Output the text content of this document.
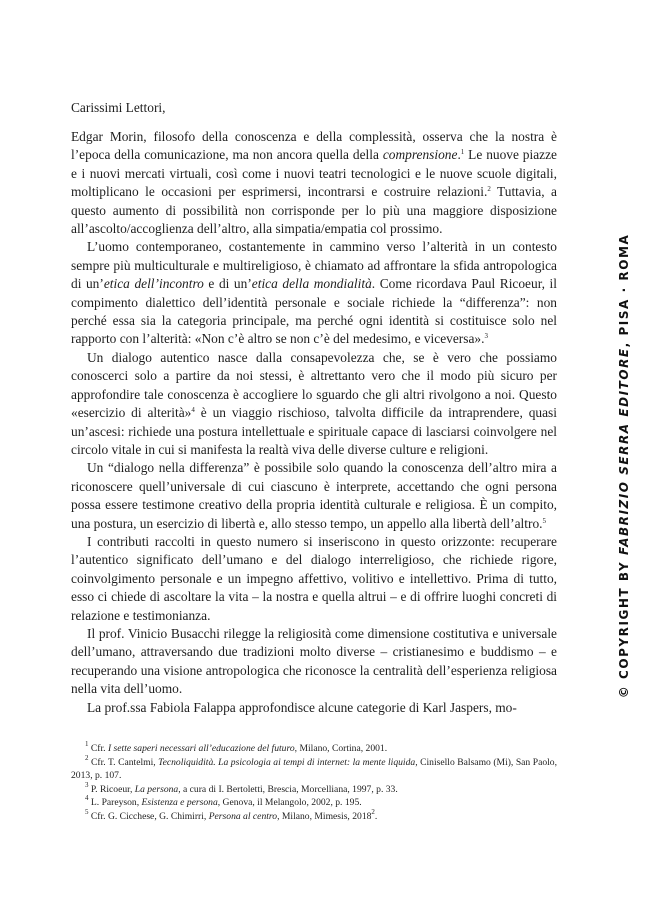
Carissimi Lettori,

Edgar Morin, filosofo della conoscenza e della complessità, osserva che la nostra è l’epoca della comunicazione, ma non ancora quella della comprensione.$^1$ Le nuove piazze e i nuovi mercati virtuali, così come i nuovi teatri tecnologici e le nuove scuole digitali, moltiplicano le occasioni per esprimersi, incontrarsi e costruire relazioni.$^2$ Tuttavia, a questo aumento di possibilità non corrisponde per lo più una maggiore disposizione all’ascolto/accoglienza dell’altro, alla simpatia/empatia col prossimo.

L’uomo contemporaneo, costantemente in cammino verso l’alterità in un contesto sempre più multiculturale e multireligioso, è chiamato ad affrontare la sfida antropologica di un’etica dell’incontro e di un’etica della mondialità. Come ricordava Paul Ricoeur, il compimento dialettico dell’identità personale e sociale richiede la “differenza”: non perché essa sia la categoria principale, ma perché ogni identità si costituisce solo nel rapporto con l’alterità: «Non c’è altro se non c’è del medesimo, e viceversa».$^3$

Un dialogo autentico nasce dalla consapevolezza che, se è vero che possiamo conoscerci solo a partire da noi stessi, è altrettanto vero che il modo più sicuro per approfondire tale conoscenza è accogliere lo sguardo che gli altri rivolgono a noi. Questo «esercizio di alterità»$^4$ è un viaggio rischioso, talvolta difficile da intraprendere, quasi un’ascesi: richiede una postura intellettuale e spirituale capace di lasciarsi coinvolgere nel circolo vitale in cui si manifesta la realtà viva delle diverse culture e religioni.

Un “dialogo nella differenza” è possibile solo quando la conoscenza dell’altro mira a riconoscere quell’universale di cui ciascuno è interprete, accettando che ogni persona possa essere testimone creativo della propria identità culturale e religiosa. È un compito, una postura, un esercizio di libertà e, allo stesso tempo, un appello alla libertà dell’altro.$^5$

I contributi raccolti in questo numero si inseriscono in questo orizzonte: recuperare l’autentico significato dell’umano e del dialogo interreligioso, che richiede rigore, coinvolgimento personale e un impegno affettivo, volitivo e intellettivo. Prima di tutto, esso ci chiede di ascoltare la vita – la nostra e quella altrui – e di offrire luoghi concreti di relazione e testimonianza.

Il prof. Vinicio Busacchi rilegge la religiosità come dimensione costitutiva e universale dell’umano, attraversando due tradizioni molto diverse – cristianesimo e buddismo – e recuperando una visione antropologica che riconosce la centralità dell’esperienza religiosa nella vita dell’uomo.

La prof.ssa Fabiola Falappa approfondisce alcune categorie di Karl Jaspers, mo-

$^1$ Cfr. I sette saperi necessari all’educazione del futuro, Milano, Cortina, 2001.

$^2$ Cfr. T. Cantelmi, Tecnoliquidità. La psicologia ai tempi di internet: la mente liquida, Cinisello Balsamo (Mi), San Paolo, 2013, p. 107.

$^3$ P. Ricoeur, La persona, a cura di I. Bertoletti, Brescia, Morcelliana, 1997, p. 33.

$^4$ L. Pareyson, Esistenza e persona, Genova, il Melangolo, 2002, p. 195.

$^5$ Cfr. G. Cicchese, G. Chimirri, Persona al centro, Milano, Mimesis, 2018$^2$.

© COPYRIGHT BY FABRIZIO SERRA EDITORE, PISA · ROMA
